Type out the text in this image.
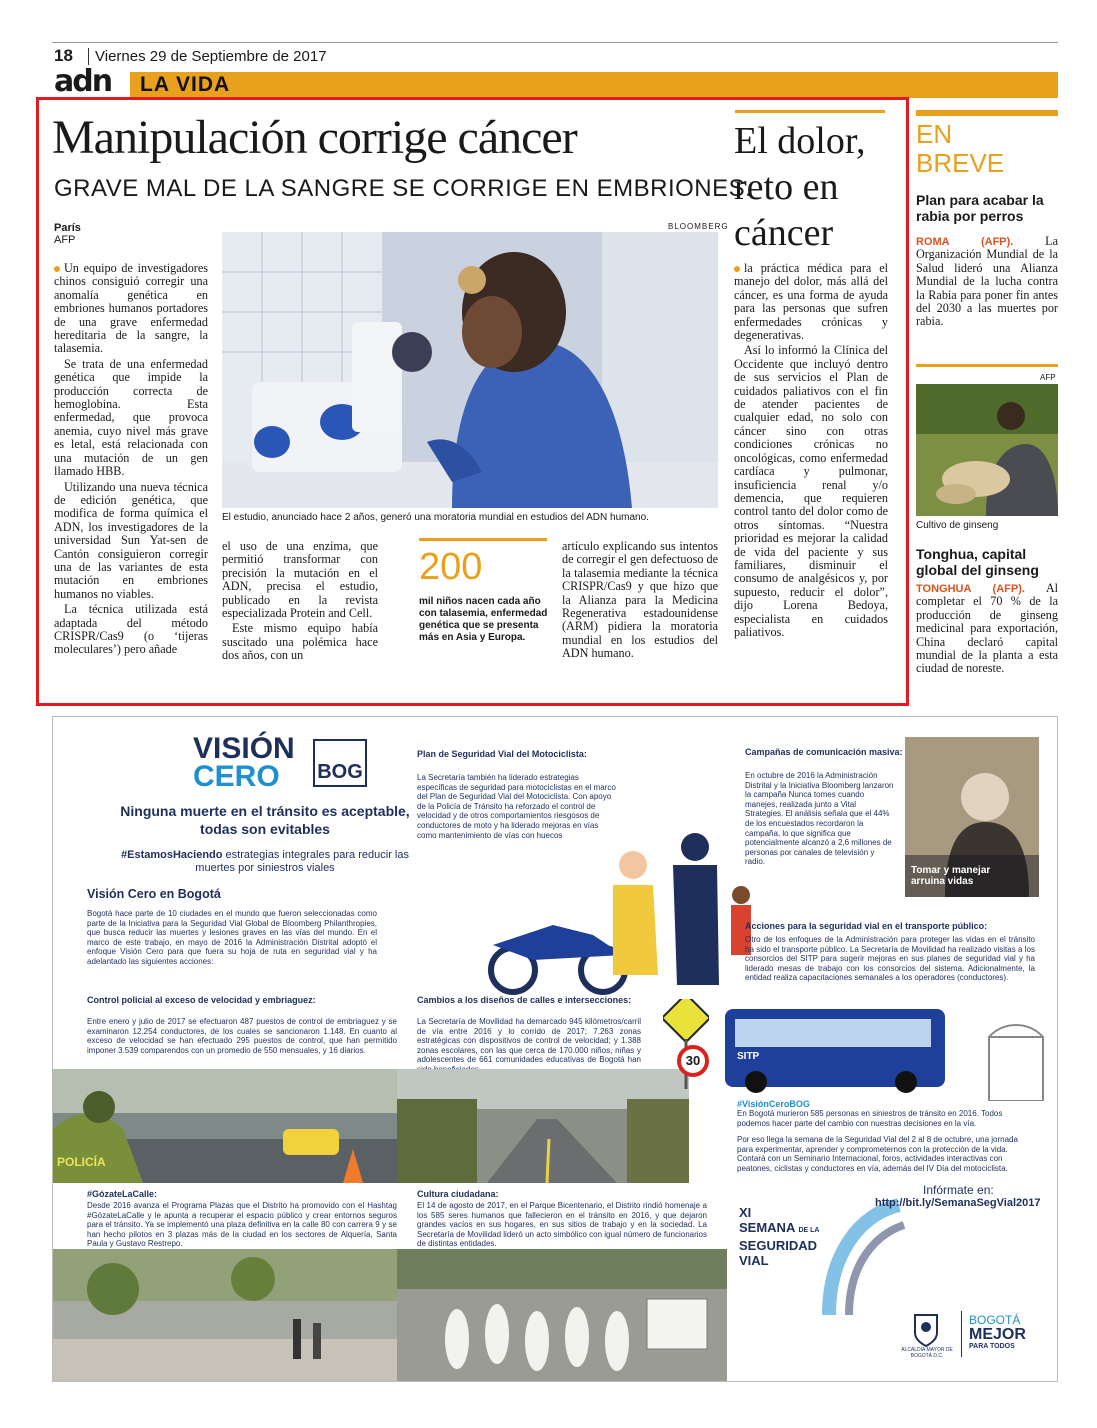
18	Viernes 29 de Septiembre de 2017
adn LA VIDA
Manipulación corrige cáncer
GRAVE MAL DE LA SANGRE SE CORRIGE EN EMBRIONES.
París
AFP
BLOOMBERG
El estudio, anunciado hace 2 años, generó una moratoria mundial en estudios del ADN humano.

Un equipo de investigadores chinos consiguió corregir una anomalía genética en embriones humanos portadores de una grave enfermedad hereditaria de la sangre, la talasemia.

Se trata de una enfermedad genética que impide la producción correcta de hemoglobina. Esta enfermedad, que provoca anemia, cuyo nivel más grave es letal, está relacionada con una mutación de un gen llamado HBB.

Utilizando una nueva técnica de edición genética, que modifica de forma química el ADN, los investigadores de la universidad Sun Yat-sen de Cantón consiguieron corregir una de las variantes de esta mutación en embriones humanos no viables.

La técnica utilizada está adaptada del método CRISPR/Cas9 (o ‘tijeras moleculares’) pero añade

el uso de una enzima, que permitió transformar con precisión la mutación en el ADN, precisa el estudio, publicado en la revista especializada Protein and Cell.

Este mismo equipo había suscitado una polémica hace dos años, con un

200
mil niños nacen cada año con talasemia, enfermedad genética que se presenta más en Asia y Europa.

artículo explicando sus intentos de corregir el gen defectuoso de la talasemia mediante la técnica CRISPR/Cas9 y que hizo que la Alianza para la Medicina Regenerativa estadounidense (ARM) pidiera la moratoria mundial en los estudios del ADN humano.

El dolor, reto en cáncer

la práctica médica para el manejo del dolor, más allá del cáncer, es una forma de ayuda para las personas que sufren enfermedades crónicas y degenerativas.

Así lo informó la Clínica del Occidente que incluyó dentro de sus servicios el Plan de cuidados paliativos con el fin de atender pacientes de cualquier edad, no solo con cáncer sino con otras condiciones crónicas no oncológicas, como enfermedad cardíaca y pulmonar, insuficiencia renal y/o demencia, que requieren control tanto del dolor como de otros síntomas. “Nuestra prioridad es mejorar la calidad de vida del paciente y sus familiares, disminuir el consumo de analgésicos y, por supuesto, reducir el dolor”, dijo Lorena Bedoya, especialista en cuidados paliativos.

EN
BREVE
Plan para acabar la rabia por perros
ROMA (AFP).	La Organización Mundial de la Salud lideró una Alianza Mundial de la lucha contra la Rabia para poner fin antes del 2030 a las muertes por rabia.
AFP
Cultivo de ginseng
Tonghua, capital global del ginseng
TONGHUA (AFP). Al completar el 70 % de la producción de ginseng medicinal para exportación, China declaró capital mundial de la planta a esta ciudad de noreste.
VISIÓN
CERO	BOG
Ninguna muerte en el tránsito es aceptable, todas son evitables
#EstamosHaciendo estrategias integrales para reducir las muertes por siniestros viales
Visión Cero en Bogotá
Bogotá hace parte de 10 ciudades en el mundo que fueron seleccionadas como parte de la Iniciativa para la Seguridad Vial Global de Bloomberg Philanthropies, que busca reducir las muertes y lesiones graves en las vías del mundo. En el marco de este trabajo, en mayo de 2016 la Administración Distrital adoptó el enfoque Visión Cero para que fuera su hoja de ruta en seguridad vial y ha adelantado las siguientes acciones:
Plan de Seguridad Vial del Motociclista:
La Secretaría también ha liderado estrategias específicas de seguridad para motociclistas en el marco del Plan de Seguridad Vial del Motociclista. Con apoyo de la Policía de Tránsito ha reforzado el control de velocidad y de otros comportamientos riesgosos de conductores de moto y ha liderado mejoras en vías como mantenimiento de vías con huecos
Campañas de comunicación masiva:
En octubre de 2016 la Administración Distrital y la Iniciativa Bloomberg lanzaron la campaña Nunca tomes cuando manejes, realizada junto a Vital Strategies. El análisis señala que el 44% de los encuestados recordaron la campaña, lo que significa que potencialmente alcanzó a 2,6 millones de personas por canales de televisión y radio.
Tomar y manejar arruina vidas
Acciones para la seguridad vial en el transporte público:
Otro de los enfoques de la Administración para proteger las vidas en el tránsito ha sido el transporte público. La Secretaría de Movilidad ha realizado visitas a los consorcios del SITP para sugerir mejoras en sus planes de seguridad vial y ha liderado mesas de trabajo con los consorcios del sistema. Adicionalmente, la entidad realiza capacitaciones semanales a los operadores (conductores).
Control policial al exceso de velocidad y embriaguez:
Entre enero y julio de 2017 se efectuaron 487 puestos de control de embriaguez y se examinaron 12.254 conductores, de los cuales se sancionaron 1.148. En cuanto al exceso de velocidad se han efectuado 295 puestos de control, que han permitido imponer 3.539 comparendos con un promedio de 550 mensuales, y 16 diarios.
POLICÍA
Cambios a los diseños de calles e intersecciones:
La Secretaría de Movilidad ha demarcado 945 kilómetros/carril de vía entre 2016 y lo corrido de 2017; 7.263 zonas estratégicas con dispositivos de control de velocidad; y 1.388 zonas escolares, con las que cerca de 170.000 niños, niñas y adolescentes de 661 comunidades educativas de Bogotá han	30	SITP
#VisiónCeroBOG
En Bogotá murieron 585 personas en siniestros de tránsito en 2016. Todos podemos hacer parte del cambio con nuestras decisiones en la vía.
Por eso llega la semana de la Seguridad Vial del 2 al 8 de octubre, una jornada para experimentar, aprender y comprometernos con la protección de la vida. Contará con un Seminario Internacional, foros, actividades interactivas con peatones, ciclistas y conductores en vía, además del IV Día del motociclista.
#GózateLaCalle:
Desde 2016 avanza el Programa Plazas que el Distrito ha promovido con el Hashtag #GózateLaCalle y le apunta a recuperar el espacio público y crear entornos seguros para el tránsito. Ya se implementó una plaza definitiva en la calle 80 con carrera 9 y se han hecho pilotos en 3 plazas más de la ciudad en los sectores de Alquería, Santa Paula y Gustavo Restrepo.
Cultura ciudadana:
El 14 de agosto de 2017, en el Parque Bicentenario, el Distrito rindió homenaje a los 585 seres humanos que fallecieron en el tránsito en 2016, y que dejaron grandes vacíos en sus hogares, en sus sitios de trabajo y en la sociedad. La Secretaría de Movilidad lideró un acto simbólico con igual número de funcionarios de distintas entidades.
XI
SEMANA DE LA
SEGURIDAD
VIAL
Infórmate en:
http://bit.ly/SemanaSegVial2017
ALCALDÍA MAYOR DE BOGOTÁ D.C.
BOGOTÁ
MEJOR
PARA TODOS
